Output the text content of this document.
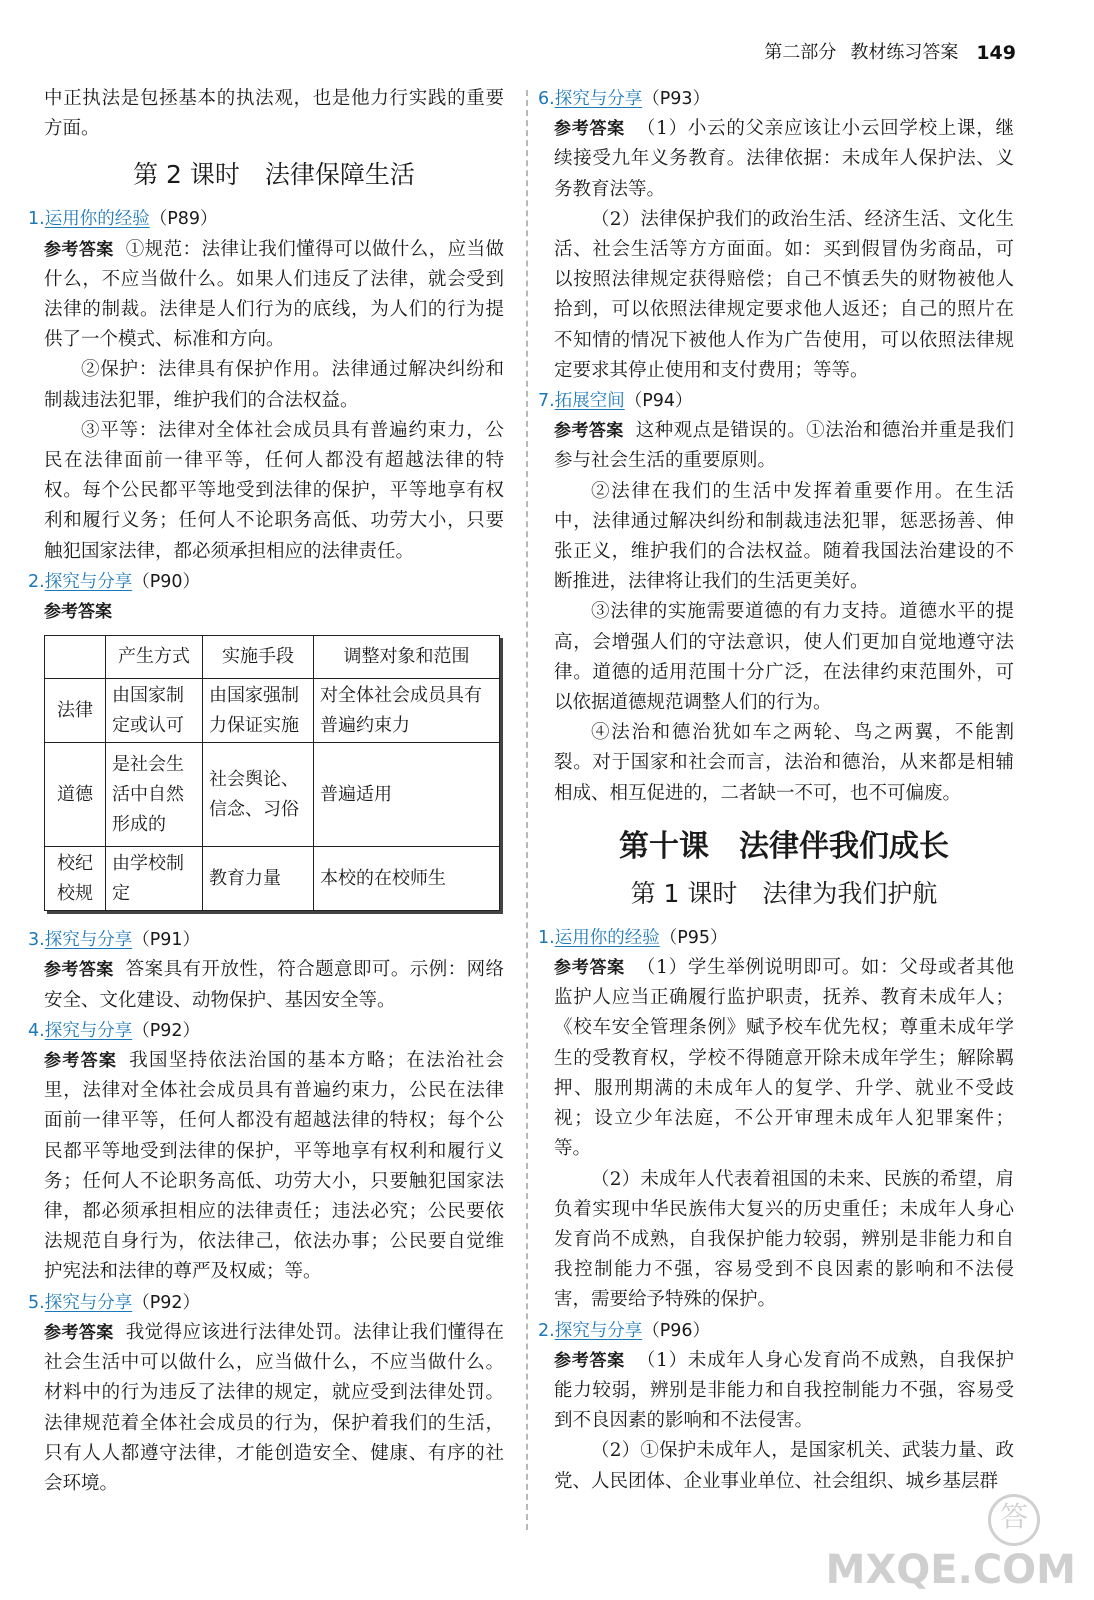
第二部分 教材练习答案 149

中正执法是包拯基本的执法观，也是他力行实践的重要方面。

第 2 课时　法律保障生活
1.运用你的经验（P89）

参考答案 ①规范：法律让我们懂得可以做什么，应当做什么，不应当做什么。如果人们违反了法律，就会受到法律的制裁。法律是人们行为的底线，为人们的行为提供了一个模式、标准和方向。

②保护：法律具有保护作用。法律通过解决纠纷和制裁违法犯罪，维护我们的合法权益。

③平等：法律对全体社会成员具有普遍约束力，公民在法律面前一律平等，任何人都没有超越法律的特权。每个公民都平等地受到法律的保护，平等地享有权利和履行义务；任何人不论职务高低、功劳大小，只要触犯国家法律，都必须承担相应的法律责任。

2.探究与分享（P90）

参考答案

	产生方式	实施手段	调整对象和范围
法律	由国家制定或认可	由国家强制力保证实施	对全体社会成员具有普遍约束力
道德	是社会生活中自然形成的	社会舆论、信念、习俗	普遍适用
校纪校规	由学校制定	教育力量	本校的在校师生
3.探究与分享（P91）

参考答案 答案具有开放性，符合题意即可。示例：网络安全、文化建设、动物保护、基因安全等。

4.探究与分享（P92）

参考答案 我国坚持依法治国的基本方略；在法治社会里，法律对全体社会成员具有普遍约束力，公民在法律面前一律平等，任何人都没有超越法律的特权；每个公民都平等地受到法律的保护，平等地享有权利和履行义务；任何人不论职务高低、功劳大小，只要触犯国家法律，都必须承担相应的法律责任；违法必究；公民要依法规范自身行为，依法律己，依法办事；公民要自觉维护宪法和法律的尊严及权威；等。

5.探究与分享（P92）

参考答案 我觉得应该进行法律处罚。法律让我们懂得在社会生活中可以做什么，应当做什么，不应当做什么。材料中的行为违反了法律的规定，就应受到法律处罚。法律规范着全体社会成员的行为，保护着我们的生活，只有人人都遵守法律，才能创造安全、健康、有序的社会环境。

6.探究与分享（P93）

参考答案 （1）小云的父亲应该让小云回学校上课，继续接受九年义务教育。法律依据：未成年人保护法、义务教育法等。

（2）法律保护我们的政治生活、经济生活、文化生活、社会生活等方方面面。如：买到假冒伪劣商品，可以按照法律规定获得赔偿；自己不慎丢失的财物被他人拾到，可以依照法律规定要求他人返还；自己的照片在不知情的情况下被他人作为广告使用，可以依照法律规定要求其停止使用和支付费用；等等。

7.拓展空间（P94）

参考答案 这种观点是错误的。①法治和德治并重是我们参与社会生活的重要原则。

②法律在我们的生活中发挥着重要作用。在生活中，法律通过解决纠纷和制裁违法犯罪，惩恶扬善、伸张正义，维护我们的合法权益。随着我国法治建设的不断推进，法律将让我们的生活更美好。

③法律的实施需要道德的有力支持。道德水平的提高，会增强人们的守法意识，使人们更加自觉地遵守法律。道德的适用范围十分广泛，在法律约束范围外，可以依据道德规范调整人们的行为。

④法治和德治犹如车之两轮、鸟之两翼，不能割裂。对于国家和社会而言，法治和德治，从来都是相辅相成、相互促进的，二者缺一不可，也不可偏废。

第十课　法律伴我们成长
第 1 课时　法律为我们护航
1.运用你的经验（P95）

参考答案 （1）学生举例说明即可。如：父母或者其他监护人应当正确履行监护职责，抚养、教育未成年人；《校车安全管理条例》赋予校车优先权；尊重未成年学生的受教育权，学校不得随意开除未成年学生；解除羁押、服刑期满的未成年人的复学、升学、就业不受歧视；设立少年法庭，不公开审理未成年人犯罪案件；等。

（2）未成年人代表着祖国的未来、民族的希望，肩负着实现中华民族伟大复兴的历史重任；未成年人身心发育尚不成熟，自我保护能力较弱，辨别是非能力和自我控制能力不强，容易受到不良因素的影响和不法侵害，需要给予特殊的保护。

2.探究与分享（P96）

参考答案 （1）未成年人身心发育尚不成熟，自我保护能力较弱，辨别是非能力和自我控制能力不强，容易受到不良因素的影响和不法侵害。

（2）①保护未成年人，是国家机关、武装力量、政党、人民团体、企业事业单位、社会组织、城乡基层群

答
MXQE.COM
